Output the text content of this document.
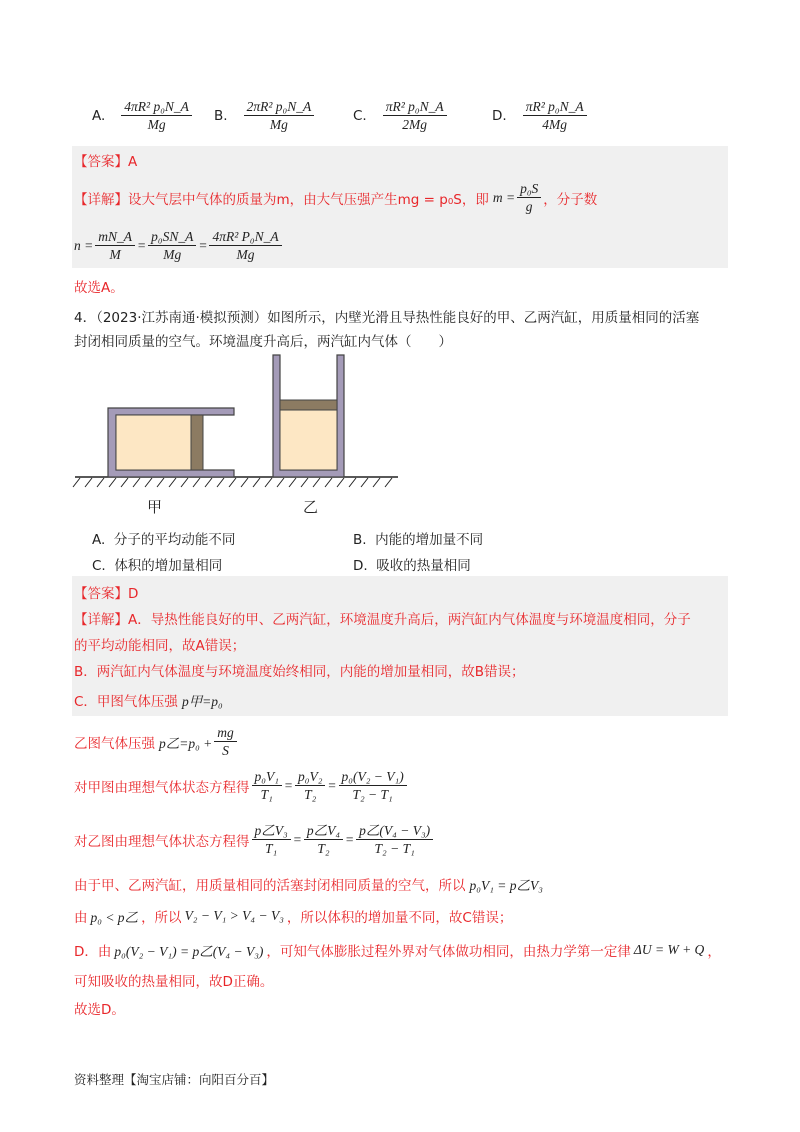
A. $\frac{\text{4πR² p₀N\_A}}{Mg} B$. $\frac{\text{2πR² p₀N\_A}}{Mg}$	C. $\frac{\text{πR² p₀N\_A}}{2Mg}$	D. $\frac{\text{πR² p₀N\_A}}{4Mg}$
【答案】A
【详解】 设大气层中气体的质量为m，由大气压强产生mg = p₀S，即 $m = \frac{\text{p₀S}}{g}$ ，分子数
$n = \frac{mN\_A}{M} = \frac{\text{p₀SN\_A}}{Mg} = \frac{\text{4πR² P₀N\_A}}{Mg}$
故选A。
4．（2023·江苏南通·模拟预测）如图所示，内壁光滑且导热性能良好的甲、乙两汽缸，用质量相同的活塞
封闭相同质量的空气。环境温度升高后，两汽缸内气体（　　）
甲	乙
A. 分子的平均动能不同	B. 内能的增加量不同
C. 体积的增加量相同	D. 吸收的热量相同
【答案】D
【详解】A．导热性能良好的甲、乙两汽缸，环境温度升高后，两汽缸内气体温度与环境温度相同，分子
的平均动能相同，故A错误；
B．两汽缸内气体温度与环境温度始终相同，内能的增加量相同，故B错误；
C．甲图气体压强 p甲=p₀
乙图气体压强 p乙$=p_0 + \frac{mg}{S}$
对甲图由理想气体状态方程得 $\frac{\text{p₀V₁}}{\text{T₁}} = \frac{\text{p₀V₂}}{\text{T₂}} = \frac{\text{p₀(V₂ − V₁)}}{\text{T₂ − T₁}}$
对乙图由理想气体状态方程得 $\frac{\text{p乙V₃}}{\text{T₁}} = \frac{\text{p乙V₄}}{\text{T₂}} = \frac{\text{p乙(V₄ − V₃)}}{\text{T₂ − T₁}}$
由于甲、乙两汽缸，用质量相同的活塞封闭相同质量的空气，所以 p₀V₁ = p乙V₃
由 p₀ < p乙 ，所以 V₂ − V₁ > V₄ − V₃ ，所以体积的增加量不同，故C错误；
D．由 p₀(V₂ − V₁) = p乙(V₄ − V₃) ，可知气体膨胀过程外界对气体做功相同，由热力学第一定律 ΔU = W + Q ，
可知吸收的热量相同，故D正确。
故选D。
资料整理【淘宝店铺：向阳百分百】
